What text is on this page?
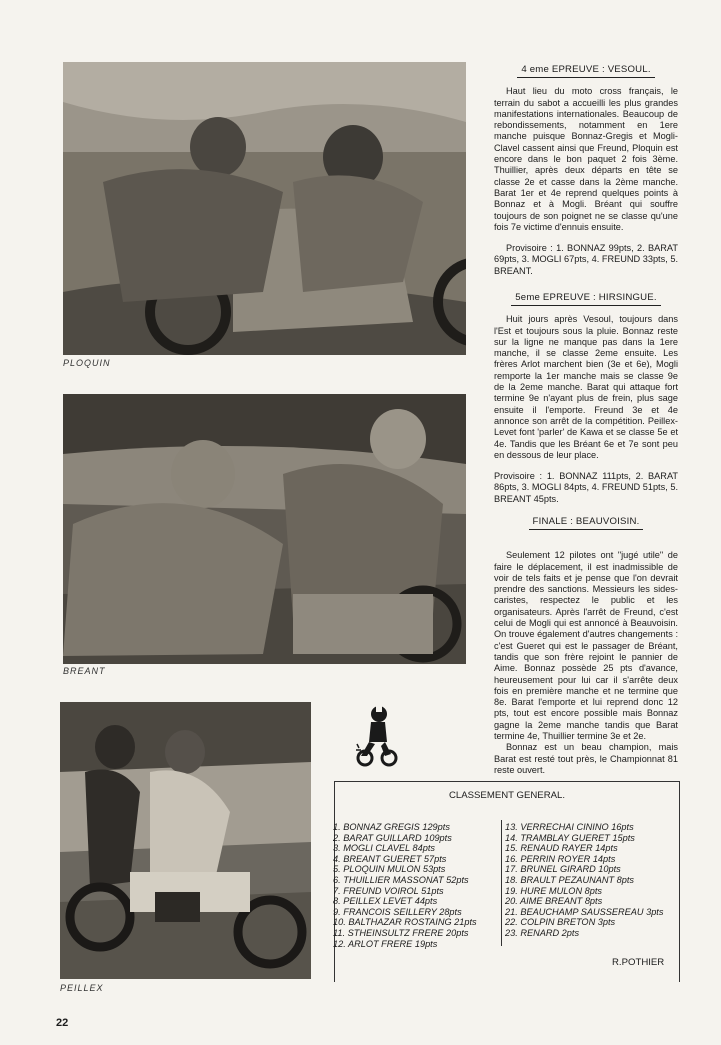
PLOQUIN
BREANT
PEILLEX
4 eme EPREUVE : VESOUL.

Haut lieu du moto cross français, le terrain du sabot a accueilli les plus grandes manifestations internationales. Beaucoup de rebondissements, notamment en 1ere manche puisque Bonnaz-Gregis et Mogli-Clavel cassent ainsi que Freund, Ploquin est encore dans le bon paquet 2 fois 3ème. Thuillier, après deux départs en tête se classe 2e et casse dans la 2ème manche. Barat 1er et 4e reprend quelques points à Bonnaz et à Mogli. Bréant qui souffre toujours de son poignet ne se classe qu'une fois 7e victime d'ennuis ensuite.

Provisoire : 1. BONNAZ 99pts, 2. BARAT 69pts, 3. MOGLI 67pts, 4. FREUND 33pts, 5. BREANT.

5eme EPREUVE : HIRSINGUE.

Huit jours après Vesoul, toujours dans l'Est et toujours sous la pluie. Bonnaz reste sur la ligne ne manque pas dans la 1ere manche, il se classe 2eme ensuite. Les frères Arlot marchent bien (3e et 6e), Mogli remporte la 1er manche mais se classe 9e de la 2eme manche. Barat qui attaque fort termine 9e n'ayant plus de frein, plus sage ensuite il l'emporte. Freund 3e et 4e annonce son arrêt de la compétition. Peillex-Levet font 'parler' de Kawa et se classe 5e et 4e. Tandis que les Bréant 6e et 7e sont peu en dessous de leur place.

Provisoire : 1. BONNAZ 111pts, 2. BARAT 86pts, 3. MOGLI 84pts, 4. FREUND 51pts, 5. BREANT 45pts.

FINALE : BEAUVOISIN.

Seulement 12 pilotes ont "jugé utile" de faire le déplacement, il est inadmissible de voir de tels faits et je pense que l'on devrait prendre des sanctions. Messieurs les sides-caristes, respectez le public et les organisateurs. Après l'arrêt de Freund, c'est celui de Mogli qui est annoncé à Beauvoisin. On trouve également d'autres changements : c'est Gueret qui est le passager de Bréant, tandis que son frère rejoint le pannier de Aime. Bonnaz possède 25 pts d'avance, heureusement pour lui car il s'arrête deux fois en première manche et ne termine que 8e. Barat l'emporte et lui reprend donc 12 pts, tout est encore possible mais Bonnaz gagne la 2eme manche tandis que Barat termine 4e, Thuillier termine 3e et 2e.

Bonnaz est un beau champion, mais Barat est resté tout près, le Championnat 81 reste ouvert.

CLASSEMENT GENERAL.
1. BONNAZ GREGIS 129pts
2. BARAT GUILLARD 109pts
3. MOGLI CLAVEL 84pts
4. BREANT GUERET 57pts
5. PLOQUIN MULON 53pts
6. THUILLIER MASSONAT 52pts
7. FREUND VOIROL 51pts
8. PEILLEX LEVET 44pts
9. FRANCOIS SEILLERY 28pts
10. BALTHAZAR ROSTAING 21pts
11. STHEINSULTZ FRERE 20pts
12. ARLOT FRERE 19pts
13. VERRECHAI CININO 16pts
14. TRAMBLAY GUERET 15pts
15. RENAUD RAYER 14pts
16. PERRIN ROYER 14pts
17. BRUNEL GIRARD 10pts
18. BRAULT PEZAUNANT 8pts
19. HURE MULON 8pts
20. AIME BREANT 8pts
21. BEAUCHAMP SAUSSEREAU 3pts
22. COLPIN BRETON 3pts
23. RENARD 2pts
R.POTHIER
22
